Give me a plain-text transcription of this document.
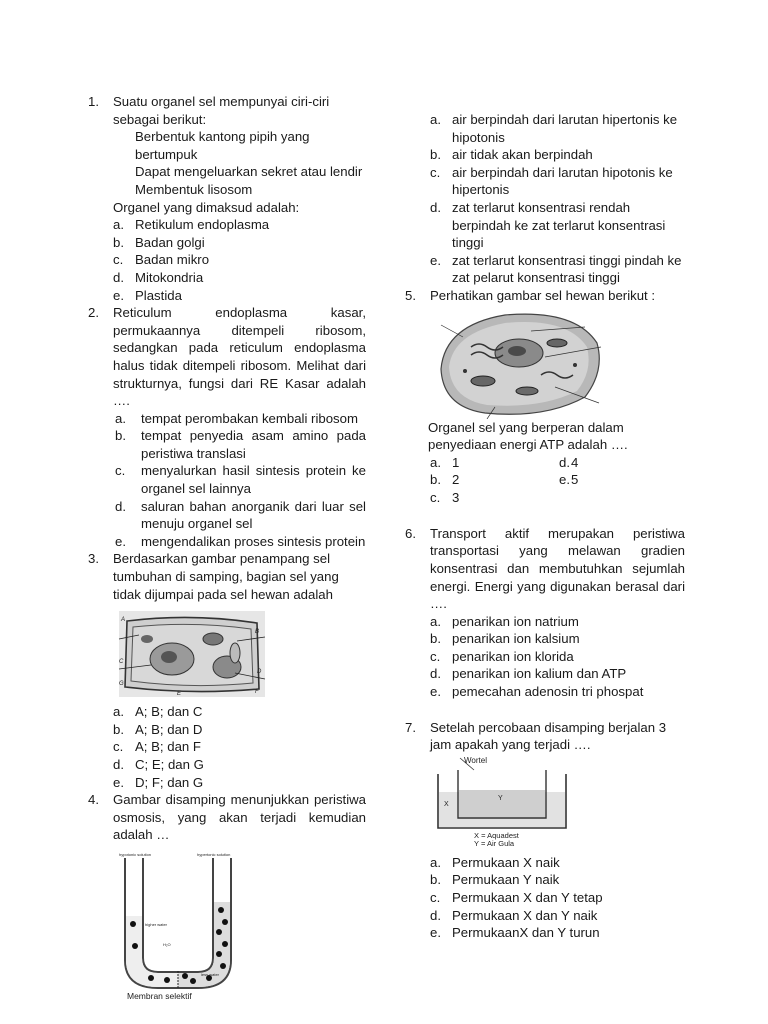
1. Suatu organel sel mempunyai ciri-ciri sebagai berikut:
Berbentuk kantong pipih yang bertumpuk
Dapat mengeluarkan sekret atau lendir
Membentuk lisosom
Organel yang dimaksud adalah:
a. Retikulum endoplasma
b. Badan golgi
c. Badan mikro
d. Mitokondria
e. Plastida
2. Reticulum endoplasma kasar, permukaannya ditempeli ribosom, sedangkan pada reticulum endoplasma halus tidak ditempeli ribosom. Melihat dari strukturnya, fungsi dari RE Kasar adalah ….
a. tempat perombakan kembali ribosom
b. tempat penyedia asam amino pada peristiwa translasi
c. menyalurkan hasil sintesis protein ke organel sel lainnya
d. saluran bahan anorganik dari luar sel menuju organel sel
e. mengendalikan proses sintesis protein
3. Berdasarkan gambar penampang sel tumbuhan di samping, bagian sel yang tidak dijumpai pada sel hewan adalah
A
B
C
D
E	F
G
a. A; B; dan C
b. A; B; dan D
c. A; B; dan F
d. C; E; dan G
e. D; F; dan G
4. Gambar disamping menunjukkan peristiwa osmosis, yang akan terjadi kemudian adalah …
hypotonic solution	hypertonic solution
higher water
H₂O
less water
Membran selektif
a. air berpindah dari larutan hipertonis ke hipotonis
b. air tidak akan berpindah
c. air berpindah dari larutan hipotonis ke hipertonis
d. zat terlarut konsentrasi rendah berpindah ke zat terlarut konsentrasi tinggi
e. zat terlarut konsentrasi tinggi pindah ke zat pelarut konsentrasi tinggi
5. Perhatikan gambar sel hewan berikut :
Organel sel yang berperan dalam penyediaan energi ATP adalah ….
a. 1
b. 2
c. 3
d. 4
e. 5
6. Transport aktif merupakan peristiwa transportasi yang melawan gradien konsentrasi dan membutuhkan sejumlah energi. Energi yang digunakan berasal dari ….
a. penarikan ion natrium
b. penarikan ion kalsium
c. penarikan ion klorida
d. penarikan ion kalium dan ATP
e. pemecahan adenosin tri phospat
7. Setelah percobaan disamping berjalan 3 jam apakah yang terjadi ….
Wortel
X
Y
X = Aquadest
Y = Air Gula
a. Permukaan X naik
b. Permukaan Y naik
c. Permukaan X dan Y tetap
d. Permukaan X dan Y naik
e. PermukaanX dan Y turun
